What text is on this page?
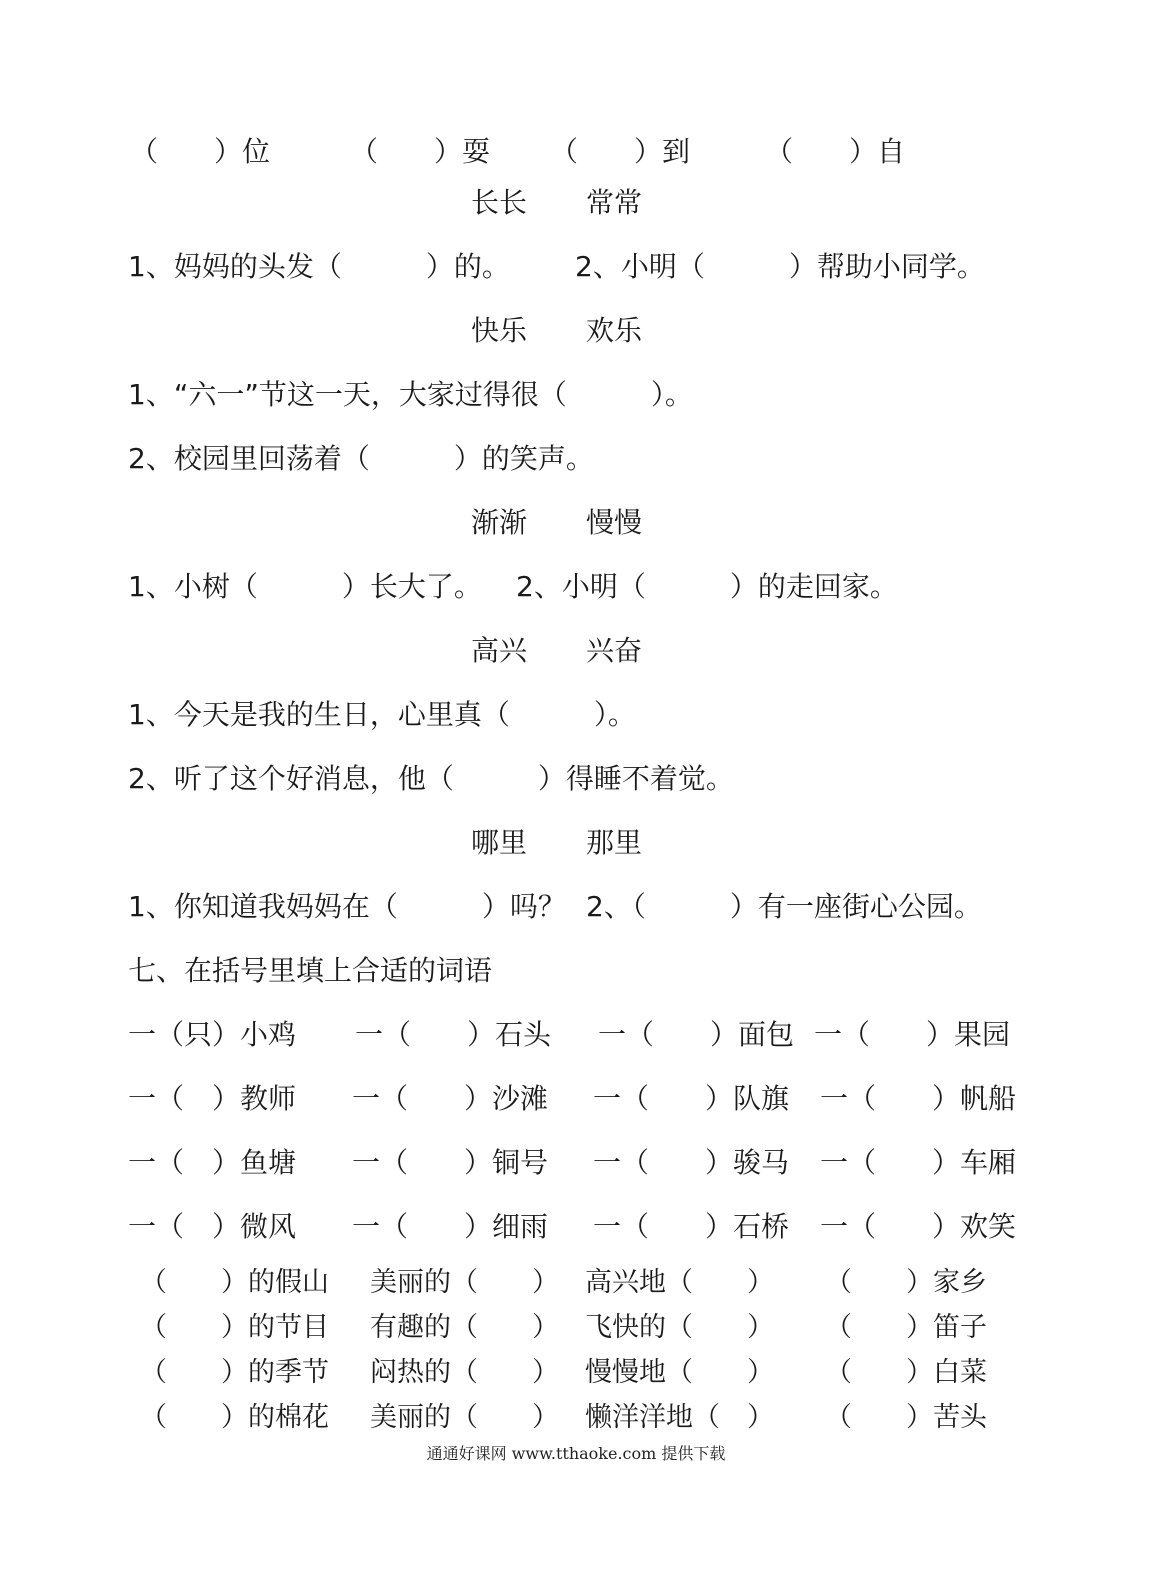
（　　）位	（　　）耍 （　　）到	（　　）自
长长 常常
1、妈妈的头发（　　　）的。 2、小明（　　　）帮助小同学。
快乐 欢乐
1、“六一”节这一天，大家过得很（　　　）。
2、校园里回荡着（　　　）的笑声。
渐渐 慢慢
1、小树（　　　）长大了。 2、小明（　　　）的走回家。
高兴 兴奋
1、今天是我的生日，心里真（　　　）。
2、听了这个好消息，他（　　　）得睡不着觉。
哪里 那里
1、你知道我妈妈在（　　　）吗？ 2、（　　　）有一座街心公园。
七、在括号里填上合适的词语
一（只）小鸡 一（　　）石头 一（　　）面包 一（　　）果园
一（　）教师 一（　　）沙滩 一（　　）队旗 一（　　）帆船
一（　）鱼塘 一（　　）铜号 一（　　）骏马 一（　　）车厢
一（　）微风 一（　　）细雨 一（　　）石桥 一（　　）欢笑
（　　）的假山 美丽的（　　） 高兴地（　　） （　　）家乡
（　　）的节目 有趣的（　　） 飞快的（　　） （　　）笛子
（　　）的季节 闷热的（　　） 慢慢地（　　） （　　）白菜
（　　）的棉花 美丽的（　　） 懒洋洋地（　） （　　）苦头
通通好课网 www.tthaoke.com 提供下载
